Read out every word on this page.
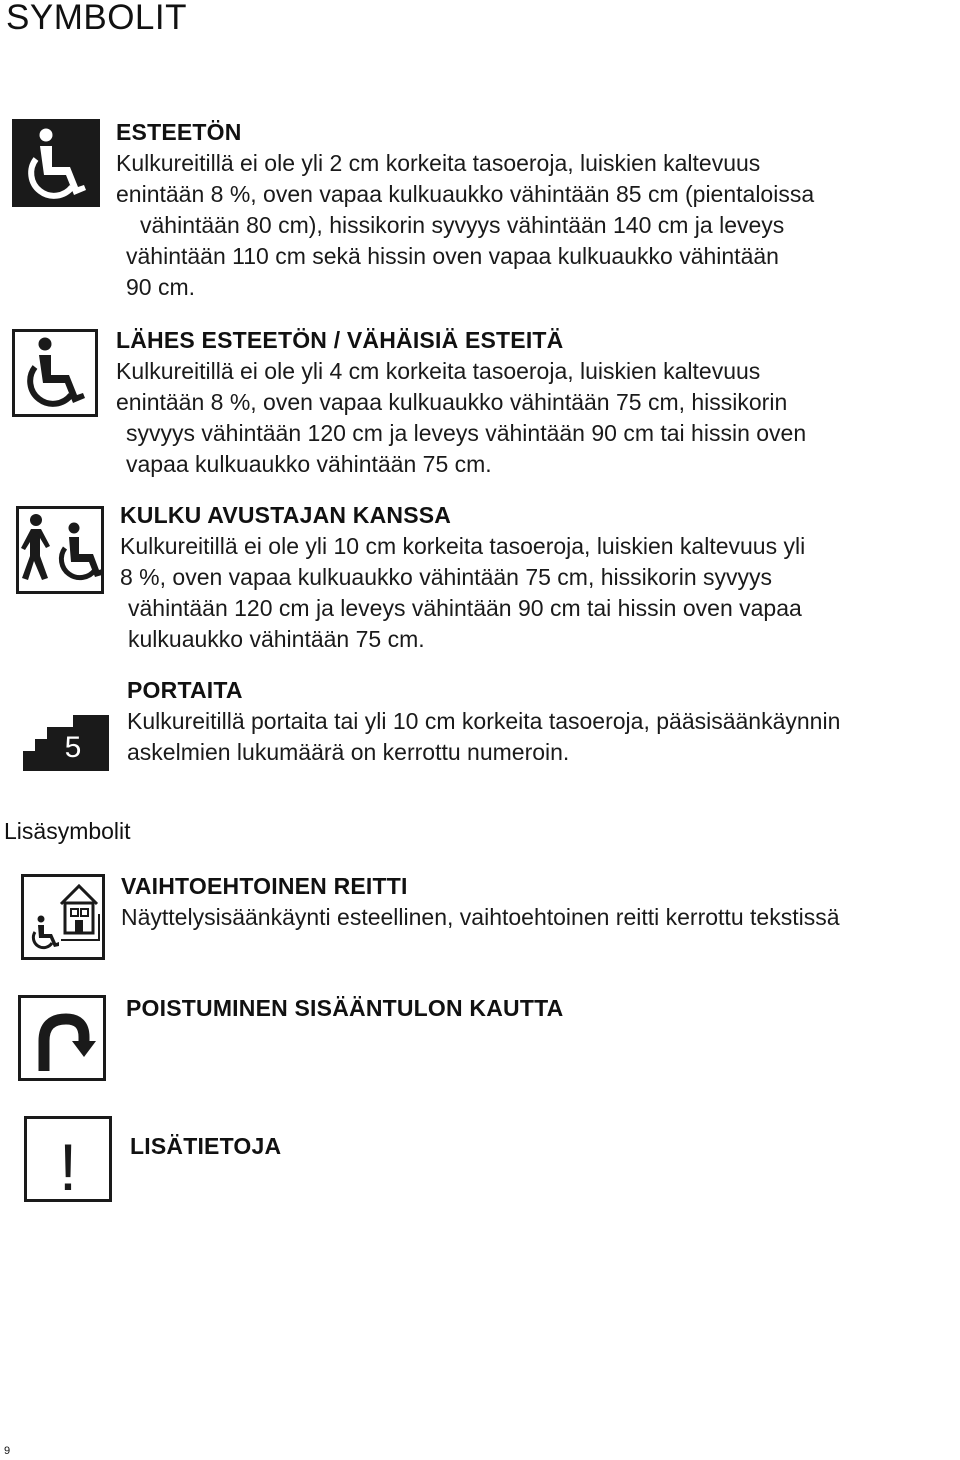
SYMBOLIT
ESTEETÖN

Kulkureitillä ei ole yli 2 cm korkeita tasoeroja, luiskien kaltevuus
enintään 8 %, oven vapaa kulkuaukko vähintään 85 cm (pientaloissa
vähintään 80 cm), hissikorin syvyys vähintään 140 cm ja leveys
vähintään 110 cm sekä hissin oven vapaa kulkuaukko vähintään
90 cm.

LÄHES ESTEETÖN / VÄHÄISIÄ ESTEITÄ

Kulkureitillä ei ole yli 4 cm korkeita tasoeroja, luiskien kaltevuus
enintään 8 %, oven vapaa kulkuaukko vähintään 75 cm, hissikorin
syvyys vähintään 120 cm ja leveys vähintään 90 cm tai hissin oven
vapaa kulkuaukko vähintään 75 cm.

KULKU AVUSTAJAN KANSSA

Kulkureitillä ei ole yli 10 cm korkeita tasoeroja, luiskien kaltevuus yli
8 %, oven vapaa kulkuaukko vähintään 75 cm, hissikorin syvyys
vähintään 120 cm ja leveys vähintään 90 cm tai hissin oven vapaa
kulkuaukko vähintään 75 cm.

5
PORTAITA

Kulkureitillä portaita tai yli 10 cm korkeita tasoeroja, pääsisäänkäynnin
askelmien lukumäärä on kerrottu numeroin.

Lisäsymbolit
VAIHTOEHTOINEN REITTI

Näyttelysisäänkäynti esteellinen, vaihtoehtoinen reitti kerrottu tekstissä

POISTUMINEN SISÄÄNTULON KAUTTA
! LISÄTIETOJA
9
